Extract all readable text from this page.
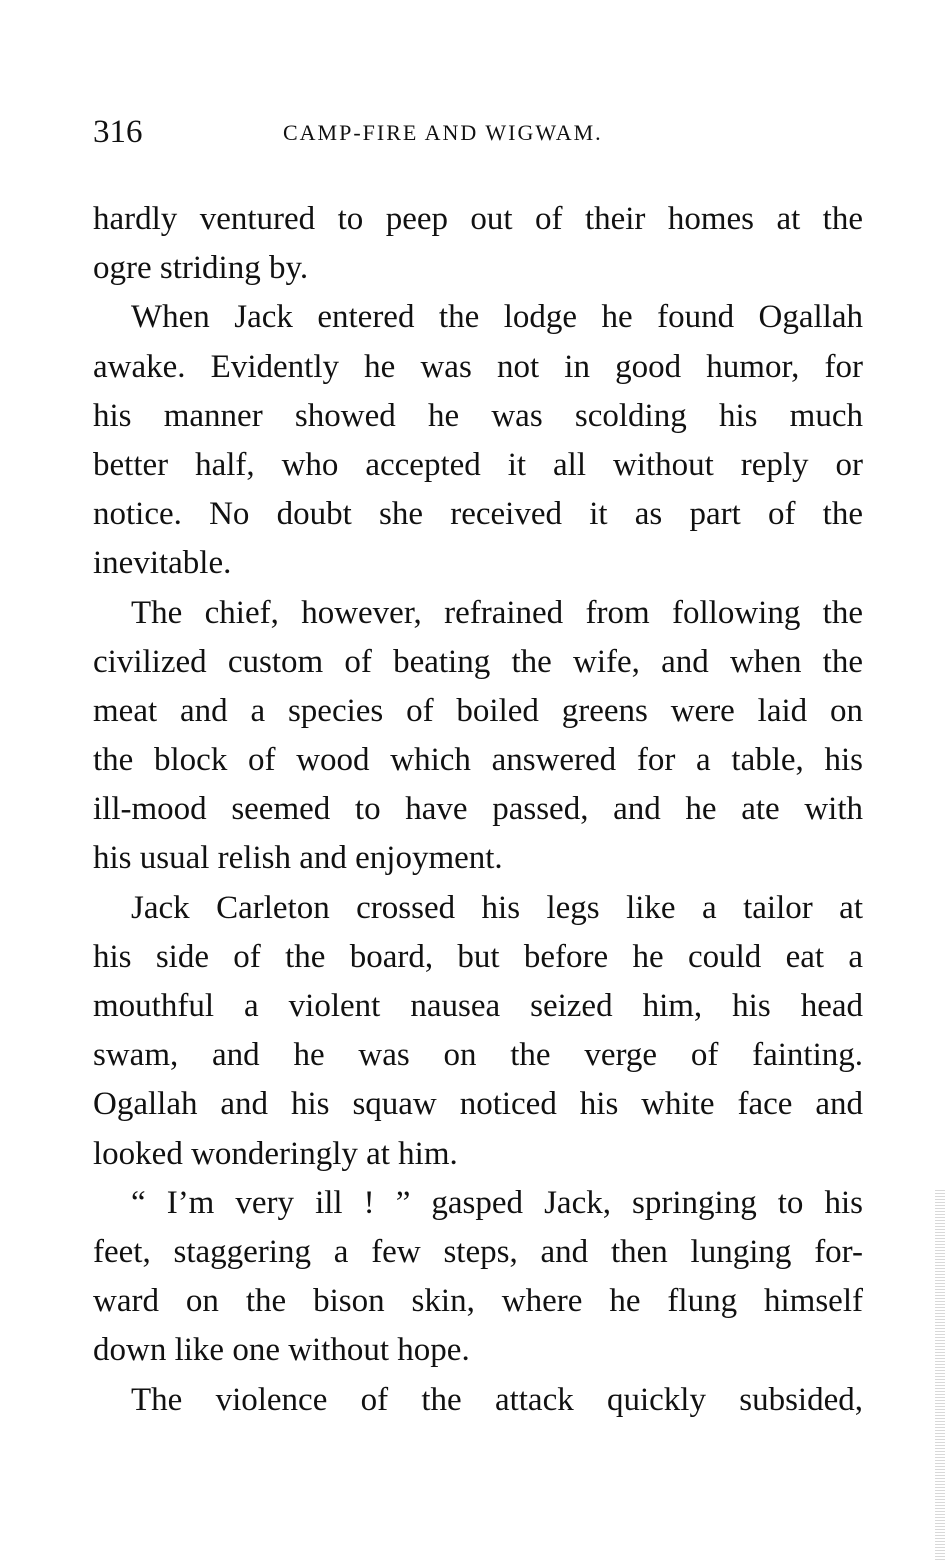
316	CAMP-FIRE AND WIGWAM.
hardly ventured to peep out of their homes at the
ogre striding by.
When Jack entered the lodge he found Ogallah
awake. Evidently he was not in good humor, for
his manner showed he was scolding his much
better half, who accepted it all without reply or
notice. No doubt she received it as part of the
inevitable.
The chief, however, refrained from following the
civilized custom of beating the wife, and when the
meat and a species of boiled greens were laid on
the block of wood which answered for a table, his
ill-mood seemed to have passed, and he ate with
his usual relish and enjoyment.
Jack Carleton crossed his legs like a tailor at
his side of the board, but before he could eat a
mouthful a violent nausea seized him, his head
swam, and he was on the verge of fainting.
Ogallah and his squaw noticed his white face and
looked wonderingly at him.
“ I’m very ill ! ” gasped Jack, springing to his
feet, staggering a few steps, and then lunging for-
ward on the bison skin, where he flung himself
down like one without hope.
The violence of the attack quickly subsided,
